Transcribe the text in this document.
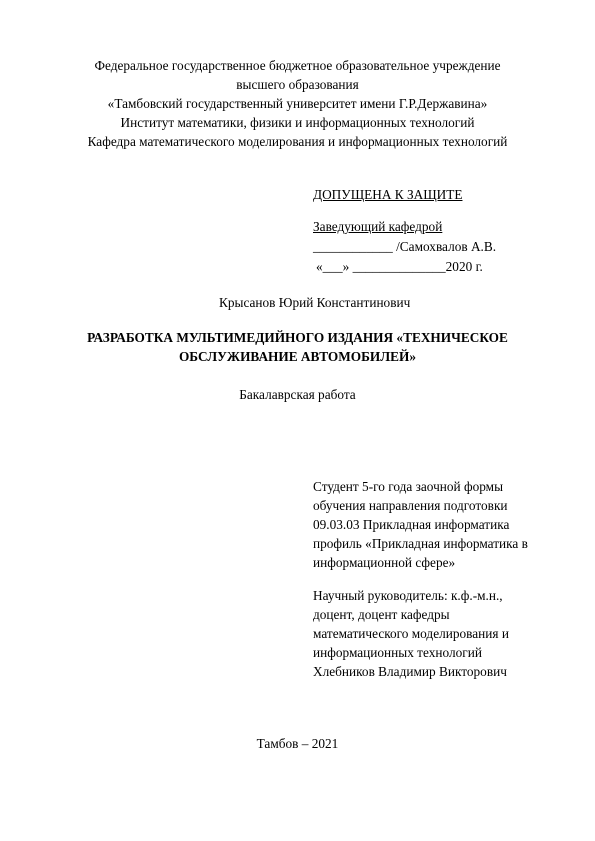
Федеральное государственное бюджетное образовательное учреждение
высшего образования
«Тамбовский государственный университет имени Г.Р.Державина»
Институт математики, физики и информационных технологий
Кафедра математического моделирования и информационных технологий
ДОПУЩЕНА К ЗАЩИТЕ
Заведующий кафедрой
____________ /Самохвалов А.В.
«___» ______________2020 г.
Крысанов Юрий Константинович
РАЗРАБОТКА МУЛЬТИМЕДИЙНОГО ИЗДАНИЯ «ТЕХНИЧЕСКОЕ
ОБСЛУЖИВАНИЕ АВТОМОБИЛЕЙ»
Бакалаврская работа
Студент 5-го года заочной формы
обучения направления подготовки
09.03.03 Прикладная информатика
профиль «Прикладная информатика в
информационной сфере»
Научный руководитель: к.ф.-м.н.,
доцент, доцент кафедры
математического моделирования и
информационных технологий
Хлебников Владимир Викторович
Тамбов – 2021
